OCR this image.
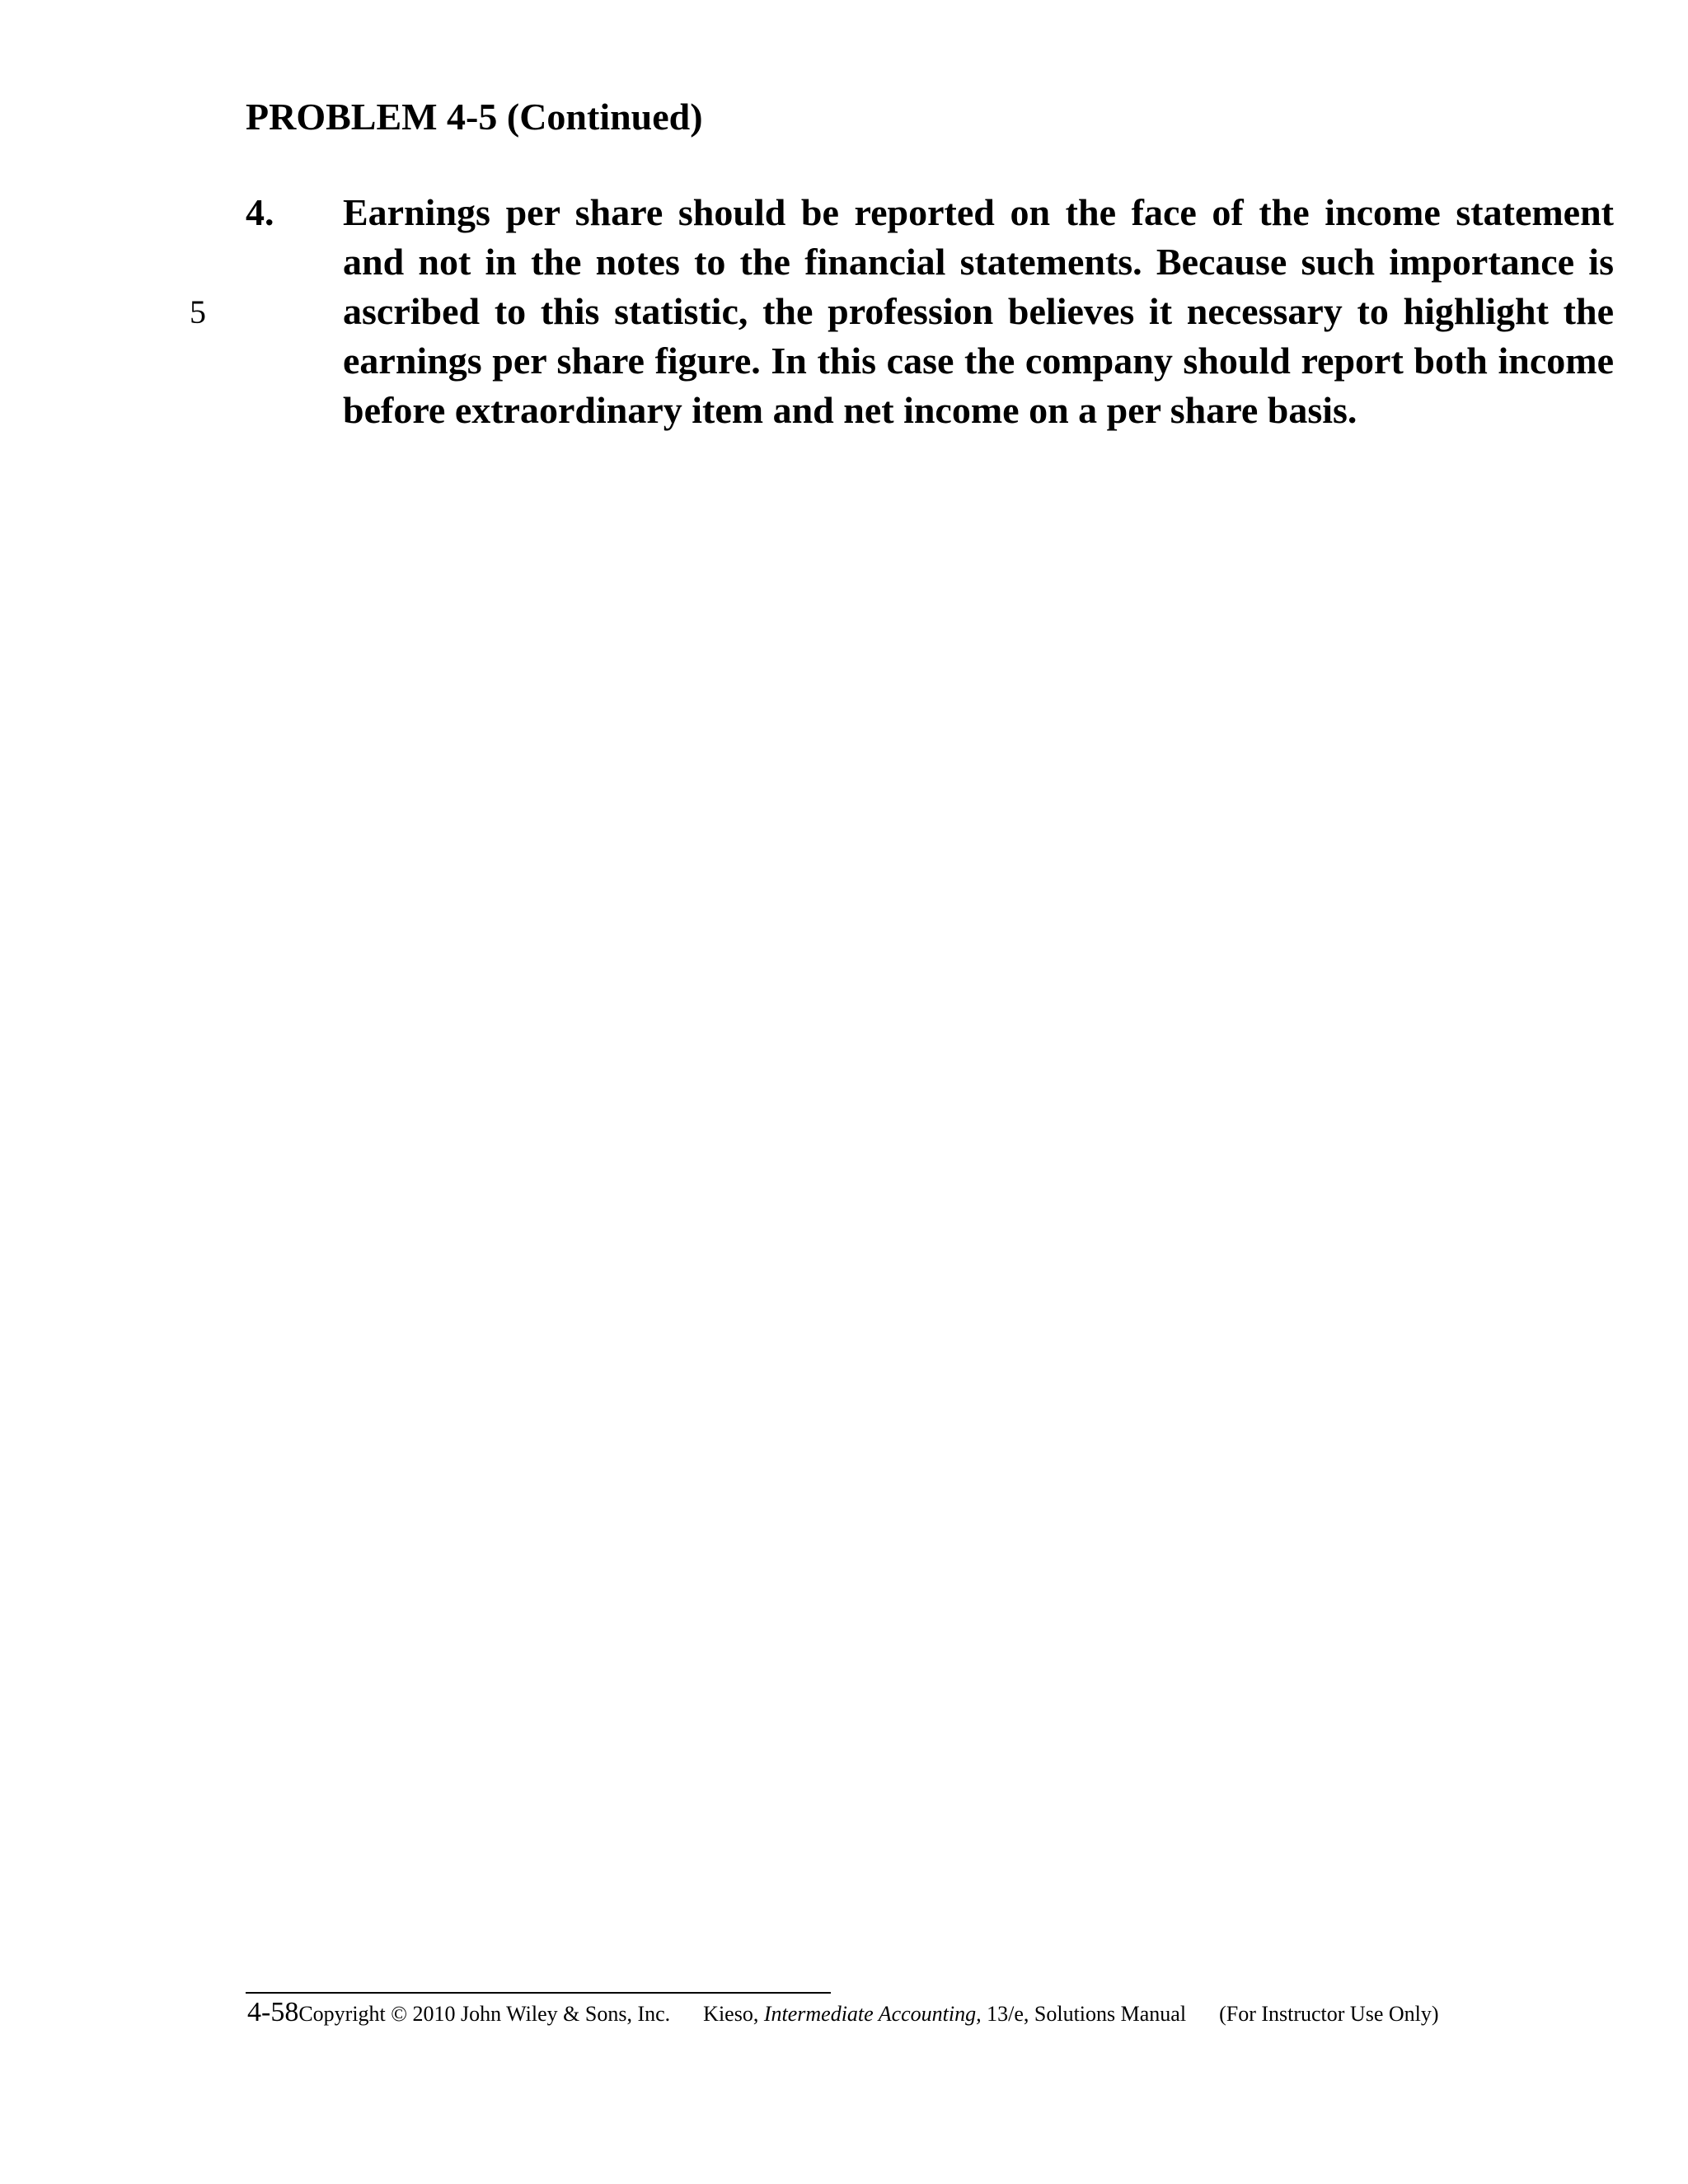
PROBLEM 4-5 (Continued)
5
4. Earnings per share should be reported on the face of the income statement and not in the notes to the financial statements. Because such importance is ascribed to this statistic, the profession believes it necessary to highlight the earnings per share figure. In this case the company should report both income before extraordinary item and net income on a per share basis.

4-58Copyright © 2010 John Wiley & Sons, Inc. Kieso, Intermediate Accounting, 13/e, Solutions Manual (For Instructor Use Only)
